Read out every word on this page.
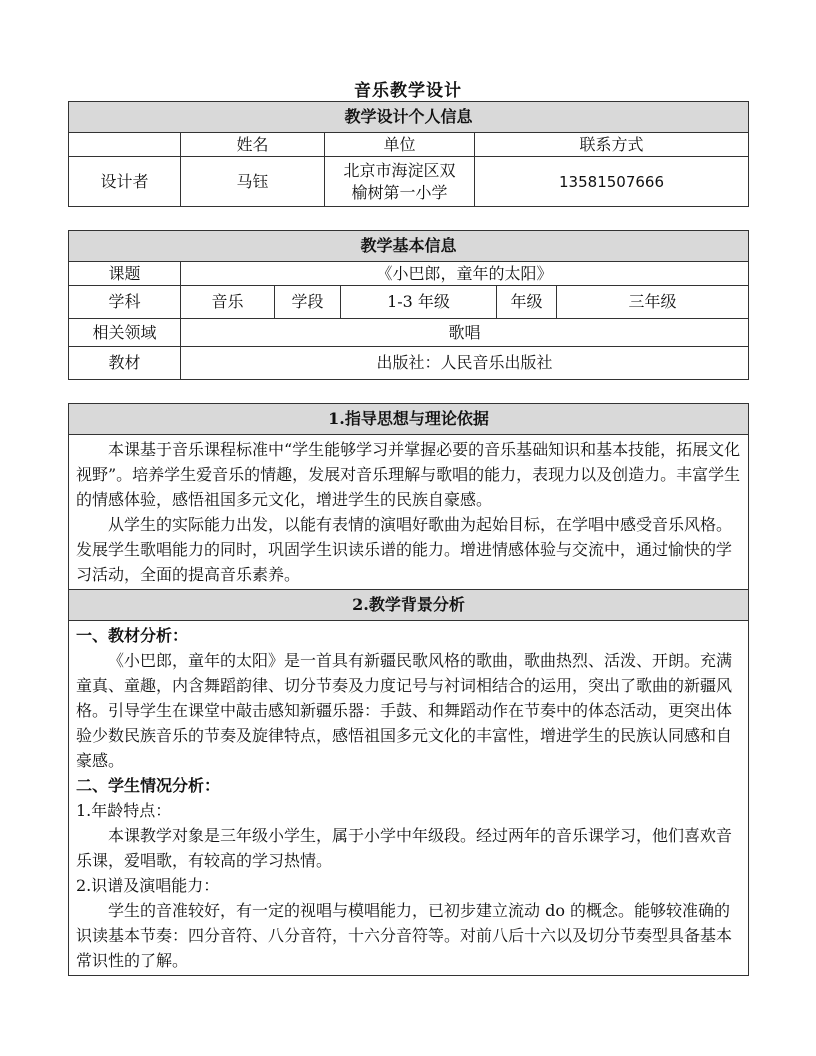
音乐教学设计
教学设计个人信息			
	姓名	单位	联系方式
设计者	马钰	北京市海淀区双
榆树第一小学	13581507666
教学基本信息					
课题	《小巴郎，童年的太阳》				
学科	音乐	学段	1-3 年级	年级	三年级
相关领域	歌唱				
教材	出版社：人民音乐出版社				
1.指导思想与理论依据

本课基于音乐课程标准中“学生能够学习并掌握必要的音乐基础知识和基本技能，拓展文化视野”。培养学生爱音乐的情趣，发展对音乐理解与歌唱的能力，表现力以及创造力。丰富学生的情感体验，感悟祖国多元文化，增进学生的民族自豪感。

从学生的实际能力出发，以能有表情的演唱好歌曲为起始目标，在学唱中感受音乐风格。发展学生歌唱能力的同时，巩固学生识读乐谱的能力。增进情感体验与交流中，通过愉快的学习活动，全面的提高音乐素养。

2.教学背景分析

一、教材分析：

《小巴郎，童年的太阳》是一首具有新疆民歌风格的歌曲，歌曲热烈、活泼、开朗。充满童真、童趣，内含舞蹈韵律、切分节奏及力度记号与衬词相结合的运用，突出了歌曲的新疆风格。引导学生在课堂中敲击感知新疆乐器：手鼓、和舞蹈动作在节奏中的体态活动，更突出体验少数民族音乐的节奏及旋律特点，感悟祖国多元文化的丰富性，增进学生的民族认同感和自豪感。

二、学生情况分析：

1.年龄特点：

本课教学对象是三年级小学生，属于小学中年级段。经过两年的音乐课学习，他们喜欢音乐课，爱唱歌，有较高的学习热情。

2.识谱及演唱能力：

学生的音准较好，有一定的视唱与模唱能力，已初步建立流动 do 的概念。能够较准确的识读基本节奏：四分音符、八分音符，十六分音符等。对前八后十六以及切分节奏型具备基本常识性的了解。
